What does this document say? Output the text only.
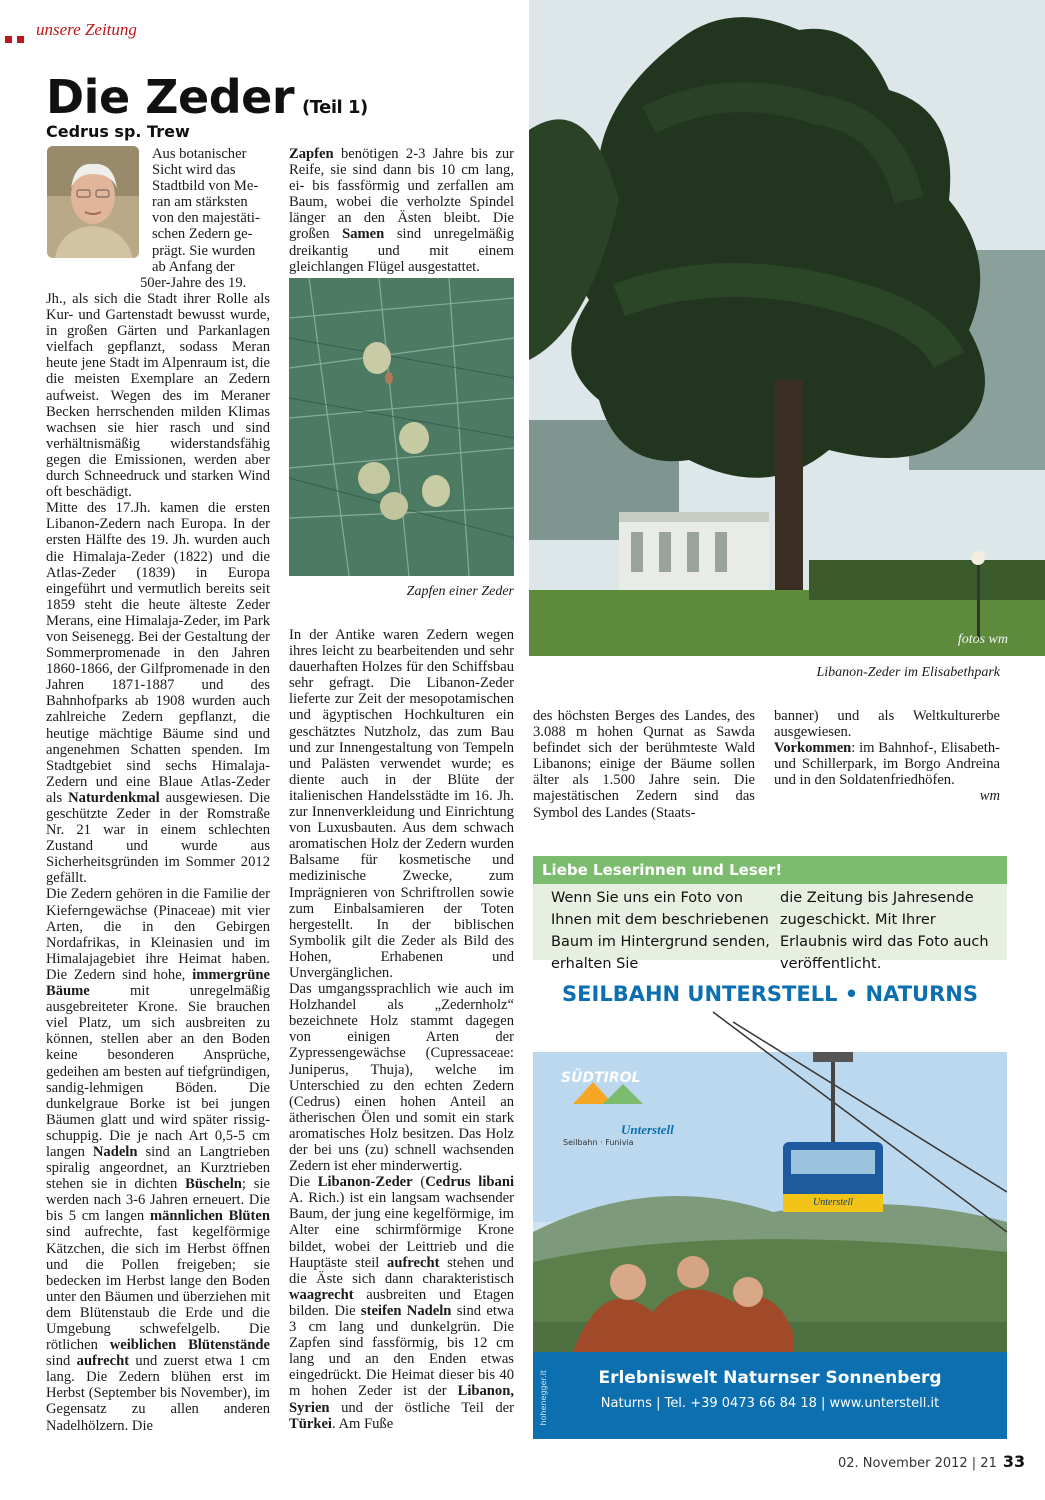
unsere Zeitung
Die Zeder (Teil 1)
Cedrus sp. Trew
Aus botanischer
Sicht wird das
Stadtbild von Me-
ran am stärksten
von den majestäti-
schen Zedern ge-
prägt. Sie wurden
ab Anfang der
50er-Jahre des 19.

Jh., als sich die Stadt ihrer Rolle als Kur- und Gartenstadt bewusst wurde, in großen Gärten und Parkanlagen vielfach gepflanzt, sodass Meran heute jene Stadt im Alpenraum ist, die die meisten Exemplare an Zedern aufweist. Wegen des im Meraner Becken herrschenden milden Klimas wachsen sie hier rasch und sind verhältnismäßig widerstandsfähig gegen die Emissionen, werden aber durch Schneedruck und starken Wind oft beschädigt.

Mitte des 17.Jh. kamen die ersten Libanon-Zedern nach Europa. In der ersten Hälfte des 19. Jh. wurden auch die Himalaja-Zeder (1822) und die Atlas-Zeder (1839) in Europa eingeführt und vermutlich bereits seit 1859 steht die heute älteste Zeder Merans, eine Himalaja-Zeder, im Park von Seisenegg. Bei der Gestaltung der Sommerpromenade in den Jahren 1860-1866, der Gilfpromenade in den Jahren 1871-1887 und des Bahnhofparks ab 1908 wurden auch zahlreiche Zedern gepflanzt, die heutige mächtige Bäume sind und angenehmen Schatten spenden. Im Stadtgebiet sind sechs Himalaja-Zedern und eine Blaue Atlas-Zeder als Naturdenkmal ausgewiesen. Die geschützte Zeder in der Romstraße Nr. 21 war in einem schlechten Zustand und wurde aus Sicherheitsgründen im Sommer 2012 gefällt.

Die Zedern gehören in die Familie der Kieferngewächse (Pinaceae) mit vier Arten, die in den Gebirgen Nordafrikas, in Kleinasien und im Himalajagebiet ihre Heimat haben. Die Zedern sind hohe, immergrüne Bäume mit unregelmäßig ausgebreiteter Krone. Sie brauchen viel Platz, um sich ausbreiten zu können, stellen aber an den Boden keine besonderen Ansprüche, gedeihen am besten auf tiefgründigen, sandig-lehmigen Böden. Die dunkelgraue Borke ist bei jungen Bäumen glatt und wird später rissig-schuppig. Die je nach Art 0,5-5 cm langen Nadeln sind an Langtrieben spiralig angeordnet, an Kurztrieben stehen sie in dichten Büscheln; sie werden nach 3-6 Jahren erneuert. Die bis 5 cm langen männlichen Blüten sind aufrechte, fast kegelförmige Kätzchen, die sich im Herbst öffnen und die Pollen freigeben; sie bedecken im Herbst lange den Boden unter den Bäumen und überziehen mit dem Blütenstaub die Erde und die Umgebung schwefelgelb. Die rötlichen weiblichen Blütenstände sind aufrecht und zuerst etwa 1 cm lang. Die Zedern blühen erst im Herbst (September bis November), im Gegensatz zu allen anderen Nadelhölzern. Die

Zapfen benötigen 2-3 Jahre bis zur Reife, sie sind dann bis 10 cm lang, ei- bis fassförmig und zerfallen am Baum, wobei die verholzte Spindel länger an den Ästen bleibt. Die großen Samen sind unregelmäßig dreikantig und mit einem gleichlangen Flügel ausgestattet.

Zapfen einer Zeder

In der Antike waren Zedern wegen ihres leicht zu bearbeitenden und sehr dauerhaften Holzes für den Schiffsbau sehr gefragt. Die Libanon-Zeder lieferte zur Zeit der mesopotamischen und ägyptischen Hochkulturen ein geschätztes Nutzholz, das zum Bau und zur Innengestaltung von Tempeln und Palästen verwendet wurde; es diente auch in der Blüte der italienischen Handelsstädte im 16. Jh. zur Innenverkleidung und Einrichtung von Luxusbauten. Aus dem schwach aromatischen Holz der Zedern wurden Balsame für kosmetische und medizinische Zwecke, zum Imprägnieren von Schriftrollen sowie zum Einbalsamieren der Toten hergestellt. In der biblischen Symbolik gilt die Zeder als Bild des Hohen, Erhabenen und Unvergänglichen.

Das umgangssprachlich wie auch im Holzhandel als „Zedernholz“ bezeichnete Holz stammt dagegen von einigen Arten der Zypressengewächse (Cupressaceae: Juniperus, Thuja), welche im Unterschied zu den echten Zedern (Cedrus) einen hohen Anteil an ätherischen Ölen und somit ein stark aromatisches Holz besitzen. Das Holz der bei uns (zu) schnell wachsenden Zedern ist eher minderwertig.

Die Libanon-Zeder (Cedrus libani A. Rich.) ist ein langsam wachsender Baum, der jung eine kegelförmige, im Alter eine schirmförmige Krone bildet, wobei der Leittrieb und die Hauptäste steil aufrecht stehen und die Äste sich dann charakteristisch waagrecht ausbreiten und Etagen bilden. Die steifen Nadeln sind etwa 3 cm lang und dunkelgrün. Die Zapfen sind fassförmig, bis 12 cm lang und an den Enden etwas eingedrückt. Die Heimat dieser bis 40 m hohen Zeder ist der Libanon, Syrien und der östliche Teil der Türkei. Am Fuße

fotos wm
Libanon-Zeder im Elisabethpark
des höchsten Berges des Landes, des 3.088 m hohen Qurnat as Sawda befindet sich der berühmteste Wald Libanons; einige der Bäume sollen älter als 1.500 Jahre sein. Die majestätischen Zedern sind das Symbol des Landes (Staats-

banner) und als Weltkulturerbe ausgewiesen.

Vorkommen: im Bahnhof-, Elisabeth- und Schillerpark, im Borgo Andreina und in den Soldatenfriedhöfen.

wm

Liebe Leserinnen und Leser!
Wenn Sie uns ein Foto von Ihnen mit dem beschriebenen Baum im Hintergrund senden, erhalten Sie
die Zeitung bis Jahresende zugeschickt. Mit Ihrer Erlaubnis wird das Foto auch veröffentlicht.
SEILBAHN UNTERSTELL • NATURNS
SÜDTIROL
Unterstell
Seilbahn · Funivia
Unterstell
hohenegger.it	Erlebniswelt Naturnser Sonnenberg
Naturns | Tel. +39 0473 66 84 18 | www.unterstell.it
02. November 2012 | 21 33
